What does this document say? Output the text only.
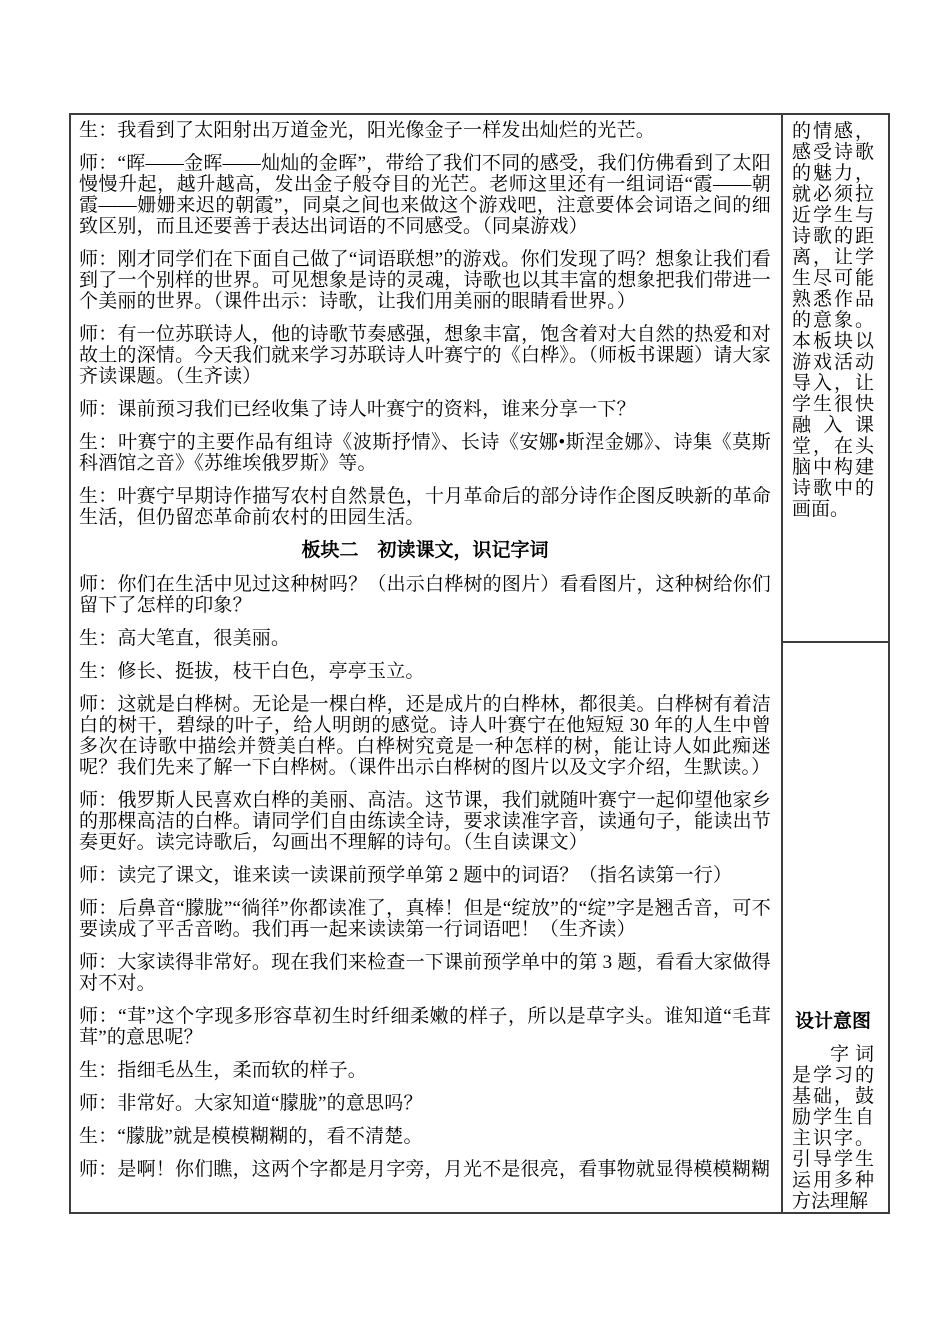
生：我看到了太阳射出万道金光，阳光像金子一样发出灿烂的光芒。

师：“晖——金晖——灿灿的金晖”，带给了我们不同的感受，我们仿佛看到了太阳慢慢升起，越升越高，发出金子般夺目的光芒。老师这里还有一组词语“霞——朝霞——姗姗来迟的朝霞”，同桌之间也来做这个游戏吧，注意要体会词语之间的细致区别，而且还要善于表达出词语的不同感受。（同桌游戏）

师：刚才同学们在下面自己做了“词语联想”的游戏。你们发现了吗？想象让我们看到了一个别样的世界。可见想象是诗的灵魂，诗歌也以其丰富的想象把我们带进一个美丽的世界。（课件出示：诗歌，让我们用美丽的眼睛看世界。）

师：有一位苏联诗人，他的诗歌节奏感强，想象丰富，饱含着对大自然的热爱和对故土的深情。今天我们就来学习苏联诗人叶赛宁的《白桦》。（师板书课题）请大家齐读课题。（生齐读）

师：课前预习我们已经收集了诗人叶赛宁的资料，谁来分享一下？

生：叶赛宁的主要作品有组诗《波斯抒情》、长诗《安娜•斯涅金娜》、诗集《莫斯科酒馆之音》《苏维埃俄罗斯》等。

生：叶赛宁早期诗作描写农村自然景色，十月革命后的部分诗作企图反映新的革命生活，但仍留恋革命前农村的田园生活。

板块二　初读课文，识记字词

师：你们在生活中见过这种树吗？（出示白桦树的图片）看看图片，这种树给你们留下了怎样的印象？

生：高大笔直，很美丽。

生：修长、挺拔，枝干白色，亭亭玉立。

师：这就是白桦树。无论是一棵白桦，还是成片的白桦林，都很美。白桦树有着洁白的树干，碧绿的叶子，给人明朗的感觉。诗人叶赛宁在他短短 30 年的人生中曾多次在诗歌中描绘并赞美白桦。白桦树究竟是一种怎样的树，能让诗人如此痴迷呢？我们先来了解一下白桦树。（课件出示白桦树的图片以及文字介绍，生默读。）

师：俄罗斯人民喜欢白桦的美丽、高洁。这节课，我们就随叶赛宁一起仰望他家乡的那棵高洁的白桦。请同学们自由练读全诗，要求读准字音，读通句子，能读出节奏更好。读完诗歌后，勾画出不理解的诗句。（生自读课文）

师：读完了课文，谁来读一读课前预学单第 2 题中的词语？（指名读第一行）

师：后鼻音“朦胧”“徜徉”你都读准了，真棒！但是“绽放”的“绽”字是翘舌音，可不要读成了平舌音哟。我们再一起来读读第一行词语吧！（生齐读）

师：大家读得非常好。现在我们来检查一下课前预学单中的第 3 题，看看大家做得对不对。

师：“茸”这个字现多形容草初生时纤细柔嫩的样子，所以是草字头。谁知道“毛茸茸”的意思呢？

生：指细毛丛生，柔而软的样子。

师：非常好。大家知道“朦胧”的意思吗？

生：“朦胧”就是模模糊糊的，看不清楚。

师：是啊！你们瞧，这两个字都是月字旁，月光不是很亮，看事物就显得模模糊糊

的情感，感受诗歌的魅力，就必须拉近学生与诗歌的距离，让学生尽可能熟悉作品的意象。本板块以游戏活动导入，让学生很快融入课堂，在头脑中构建诗歌中的画面。

设计意图

字词是学习的基础，鼓励学生自主识字。引导学生运用多种方法理解
